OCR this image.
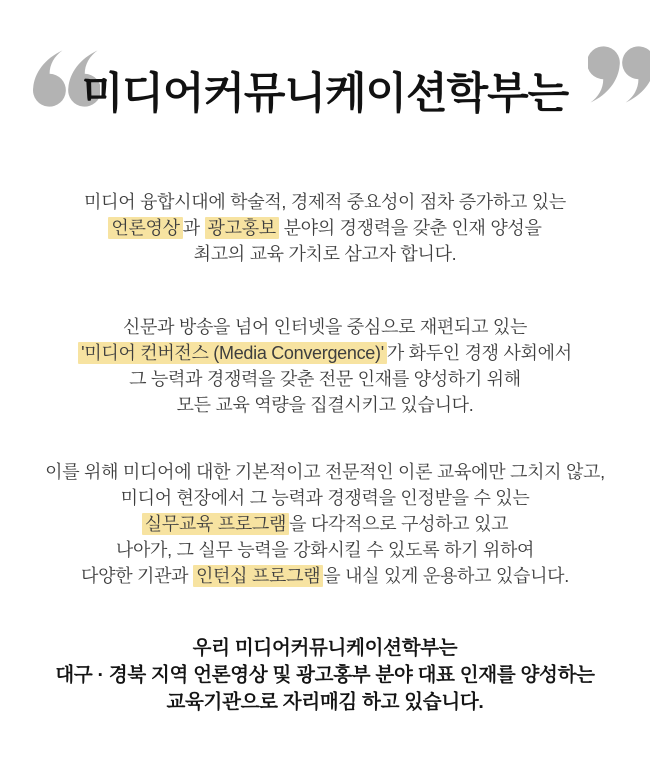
미디어커뮤니케이션학부는
미디어 융합시대에 학술적, 경제적 중요성이 점차 증가하고 있는
언론영상 과 광고홍보 분야의 경쟁력을 갖춘 인재 양성을
최고의 교육 가치로 삼고자 합니다.
신문과 방송을 넘어 인터넷을 중심으로 재편되고 있는
'미디어 컨버전스 (Media Convergence)' 가 화두인 경쟁 사회에서
그 능력과 경쟁력을 갖춘 전문 인재를 양성하기 위해
모든 교육 역량을 집결시키고 있습니다.
이를 위해 미디어에 대한 기본적이고 전문적인 이론 교육에만 그치지 않고,
미디어 현장에서 그 능력과 경쟁력을 인정받을 수 있는
실무교육 프로그램 을 다각적으로 구성하고 있고
나아가, 그 실무 능력을 강화시킬 수 있도록 하기 위하여
다양한 기관과 인턴십 프로그램 을 내실 있게 운용하고 있습니다.
우리 미디어커뮤니케이션학부는
대구 · 경북 지역 언론영상 및 광고홍부 분야 대표 인재를 양성하는
교육기관으로 자리매김 하고 있습니다.
